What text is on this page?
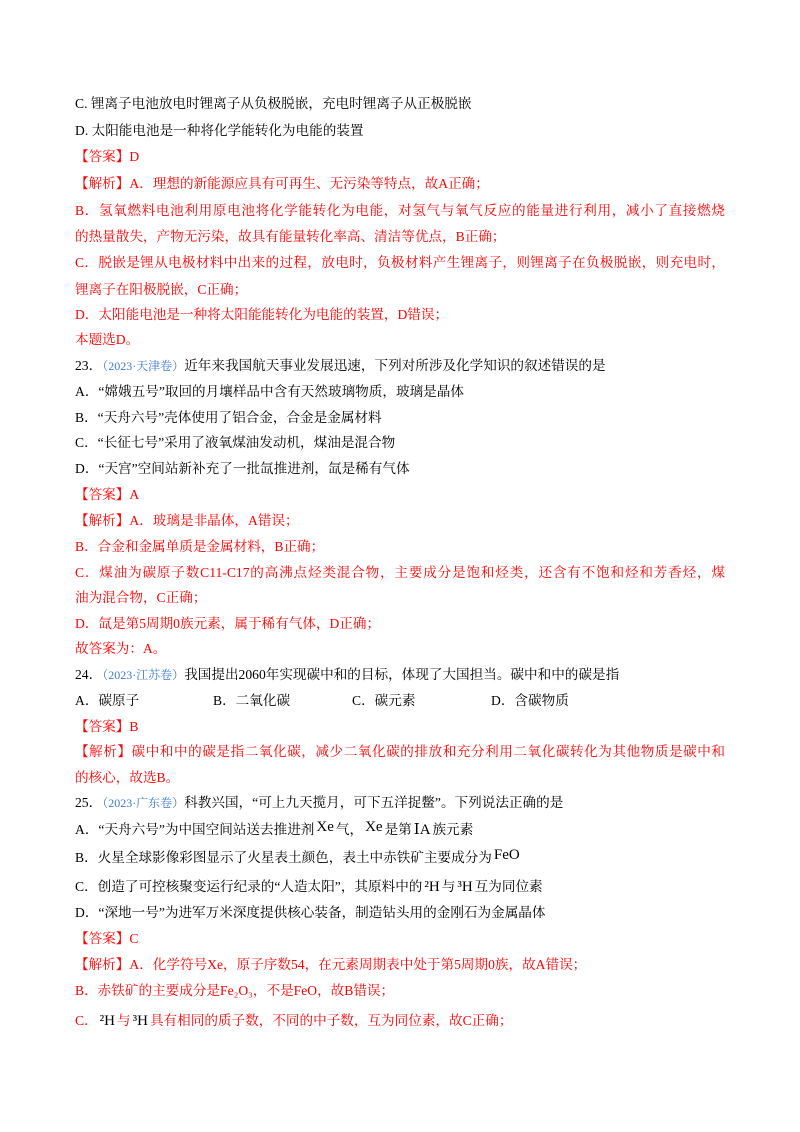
C. 锂离子电池放电时锂离子从负极脱嵌，充电时锂离子从正极脱嵌
D. 太阳能电池是一种将化学能转化为电能的装置
【答案】D
【解析】A．理想的新能源应具有可再生、无污染等特点，故A正确；
B．氢氧燃料电池利用原电池将化学能转化为电能，对氢气与氧气反应的能量进行利用，减小了直接燃烧
的热量散失，产物无污染，故具有能量转化率高、清洁等优点，B正确；
C．脱嵌是锂从电极材料中出来的过程，放电时，负极材料产生锂离子，则锂离子在负极脱嵌，则充电时，
锂离子在阳极脱嵌，C正确；
D．太阳能电池是一种将太阳能能转化为电能的装置，D错误；
本题选D。
23．（2023·天津卷）近年来我国航天事业发展迅速，下列对所涉及化学知识的叙述错误的是
A．“嫦娥五号”取回的月壤样品中含有天然玻璃物质，玻璃是晶体
B．“天舟六号”壳体使用了铝合金，合金是金属材料
C．“长征七号”采用了液氧煤油发动机，煤油是混合物
D．“天宫”空间站新补充了一批氙推进剂，氙是稀有气体
【答案】A
【解析】A．玻璃是非晶体，A错误；
B．合金和金属单质是金属材料，B正确；
C．煤油为碳原子数C11-C17的高沸点烃类混合物，主要成分是饱和烃类，还含有不饱和烃和芳香烃，煤
油为混合物，C正确；
D．氙是第5周期0族元素，属于稀有气体，D正确；
故答案为：A。
24．（2023·江苏卷）我国提出2060年实现碳中和的目标，体现了大国担当。碳中和中的碳是指
A．碳原子	B．二氧化碳	C．碳元素	D．含碳物质
【答案】B
【解析】碳中和中的碳是指二氧化碳，减少二氧化碳的排放和充分利用二氧化碳转化为其他物质是碳中和
的核心，故选B。
25．（2023·广东卷）科教兴国，“可上九天揽月，可下五洋捉鳖”。下列说法正确的是
A．“天舟六号”为中国空间站送去推进剂 Xe 气， Xe 是第 ⅠA 族元素
B．火星全球影像彩图显示了火星表土颜色，表土中赤铁矿主要成分为 FeO
C．创造了可控核聚变运行纪录的“人造太阳”，其原料中的 ²H 与 ³H 互为同位素
D．“深地一号”为进军万米深度提供核心装备，制造钻头用的金刚石为金属晶体
【答案】C
【解析】A．化学符号Xe，原子序数54，在元素周期表中处于第5周期0族，故A错误；
B．赤铁矿的主要成分是Fe₂O₃，不是FeO，故B错误；
C． ²H 与 ³H 具有相同的质子数，不同的中子数，互为同位素，故C正确；
